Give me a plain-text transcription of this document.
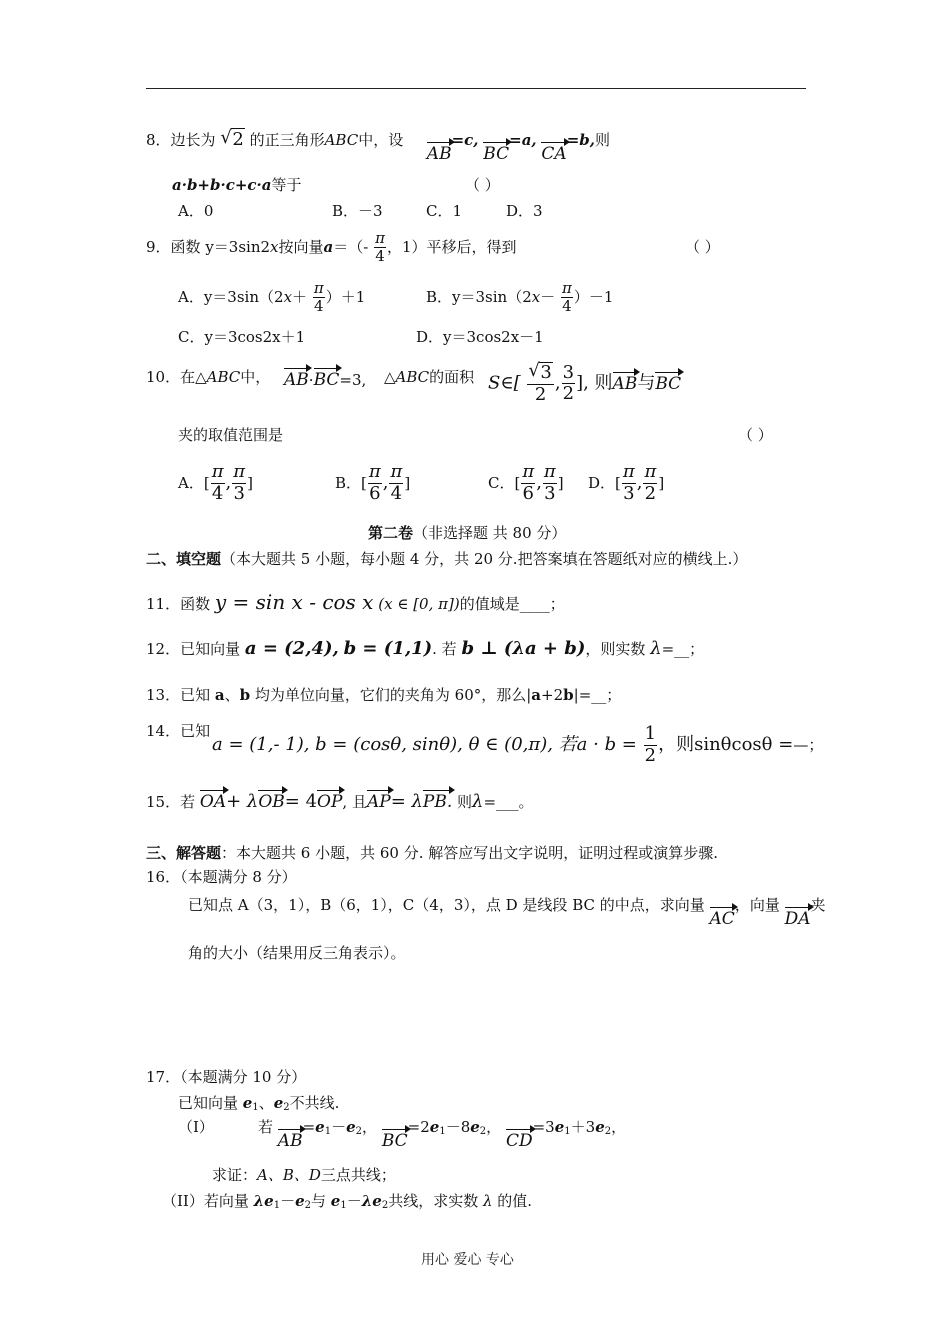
8．边长为 √ 2 的正三角形ABC中，设  AB=c, BC=a, CA=b,则
a·b+b·c+c·a等于	（ ）
A．0	B．－3	C．1	D．3
9．函数 y＝3sin2x按向量$a=(- \frac{\pi}{4}$ ，1）平移后，得到	（ ）
A．$y=3\sin(2x+ \frac{\pi}{4} )+1$	B．$y=3\sin(2x- \frac{\pi}{4} )-1$
C．y＝3cos2x＋1	D．y＝3cos2x－1
10．在△ABC中， AB·BC=3, △ABC的面积 S∈[ √ $\frac{3}{2}$ , $\frac{3}{2}$ ], 则AB与BC
夹的取值范围是	（ ）
A．[ $\frac{\pi}{4}$ , $\frac{\pi}{3}$ ]	B．[ $\frac{\pi}{6}$ , $\frac{\pi}{4}$ ]	C．[ $\frac{\pi}{6}$ , $\frac{\pi}{3}$ ] D．[ $\frac{\pi}{3}$ , $\frac{\pi}{2}$ ]
第二卷（非选择题 共 80 分）
二、填空题（本大题共 5 小题，每小题 4 分，共 20 分.把答案填在答题纸对应的横线上.）
11．函数 y = sin x - cos x (x ∈ [0, π])的值域是____；
12．已知向量 a = (2,4), b = (1,1). 若 b ⊥ (λa + b)，则实数 λ=__；
13．已知 a、b 均为单位向量，它们的夹角为 60°，那么|a+2b|=__；
14．已知
a = (1,- 1), b = (cosθ, sinθ), θ ∈ (0,π), 若$a \cdot b = \frac{1}{2}$ ，则sinθcosθ =—；
15．若 OA+ λOB= 4OP, 且AP= λPB. 则λ=___。
三、解答题：本大题共 6 小题，共 60 分. 解答应写出文字说明，证明过程或演算步骤.
16．（本题满分 8 分）
已知点 A（3，1），B（6，1），C（4，3），点 D 是线段 BC 的中点，求向量 AC，向量 DA夹
角的大小（结果用反三角表示）。
17．（本题满分 10 分）
已知向量 $e_1$、$e_2$不共线.
（I）	若 $AB=e_1-e_2$， $BC=2e_1-8e_2$， $CD=3e_1+3e_2$，
求证：A、B、D三点共线；
（II）若向量 $\lambda e_1-e_2$与 $e_1-\lambda e_2$共线，求实数 λ 的值.
用心 爱心 专心
